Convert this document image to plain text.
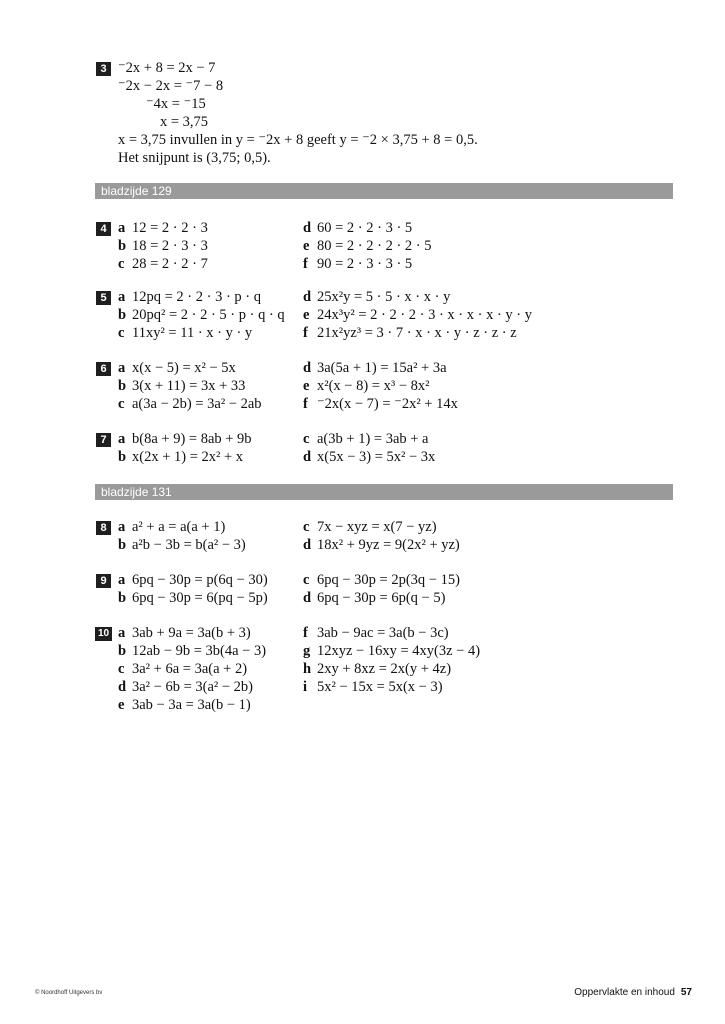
3 ⁻2x + 8 = 2x − 7
⁻2x − 2x = ⁻7 − 8
⁻4x = ⁻15
x = 3,75
x = 3,75 invullen in y = ⁻2x + 8 geeft y = ⁻2 × 3,75 + 8 = 0,5.
Het snijpunt is (3,75; 0,5).
bladzijde 129
4 a 12 = 2 · 2 · 3
b 18 = 2 · 3 · 3
c 28 = 2 · 2 · 7
d 60 = 2 · 2 · 3 · 5
e 80 = 2 · 2 · 2 · 2 · 5
f 90 = 2 · 3 · 3 · 5
5 a 12pq = 2 · 2 · 3 · p · q
b 20pq² = 2 · 2 · 5 · p · q · q
c 11xy² = 11 · x · y · y
d 25x²y = 5 · 5 · x · x · y
e 24x³y² = 2 · 2 · 2 · 3 · x · x · x · y · y
f 21x²yz³ = 3 · 7 · x · x · y · z · z · z
6 a x(x − 5) = x² − 5x
b 3(x + 11) = 3x + 33
c a(3a − 2b) = 3a² − 2ab
d 3a(5a + 1) = 15a² + 3a
e x²(x − 8) = x³ − 8x²
f ⁻2x(x − 7) = ⁻2x² + 14x
7 a b(8a + 9) = 8ab + 9b
b x(2x + 1) = 2x² + x
c a(3b + 1) = 3ab + a
d x(5x − 3) = 5x² − 3x
bladzijde 131
8 a a² + a = a(a + 1)
b a²b − 3b = b(a² − 3)
c 7x − xyz = x(7 − yz)
d 18x² + 9yz = 9(2x² + yz)
9 a 6pq − 30p = p(6q − 30)
b 6pq − 30p = 6(pq − 5p)
c 6pq − 30p = 2p(3q − 15)
d 6pq − 30p = 6p(q − 5)
10 a 3ab + 9a = 3a(b + 3)
b 12ab − 9b = 3b(4a − 3)
c 3a² + 6a = 3a(a + 2)
d 3a² − 6b = 3(a² − 2b)
e 3ab − 3a = 3a(b − 1)
f 3ab − 9ac = 3a(b − 3c)
g 12xyz − 16xy = 4xy(3z − 4)
h 2xy + 8xz = 2x(y + 4z)
i 5x² − 15x = 5x(x − 3)
© Noordhoff Uitgevers bv	Oppervlakte en inhoud 57
